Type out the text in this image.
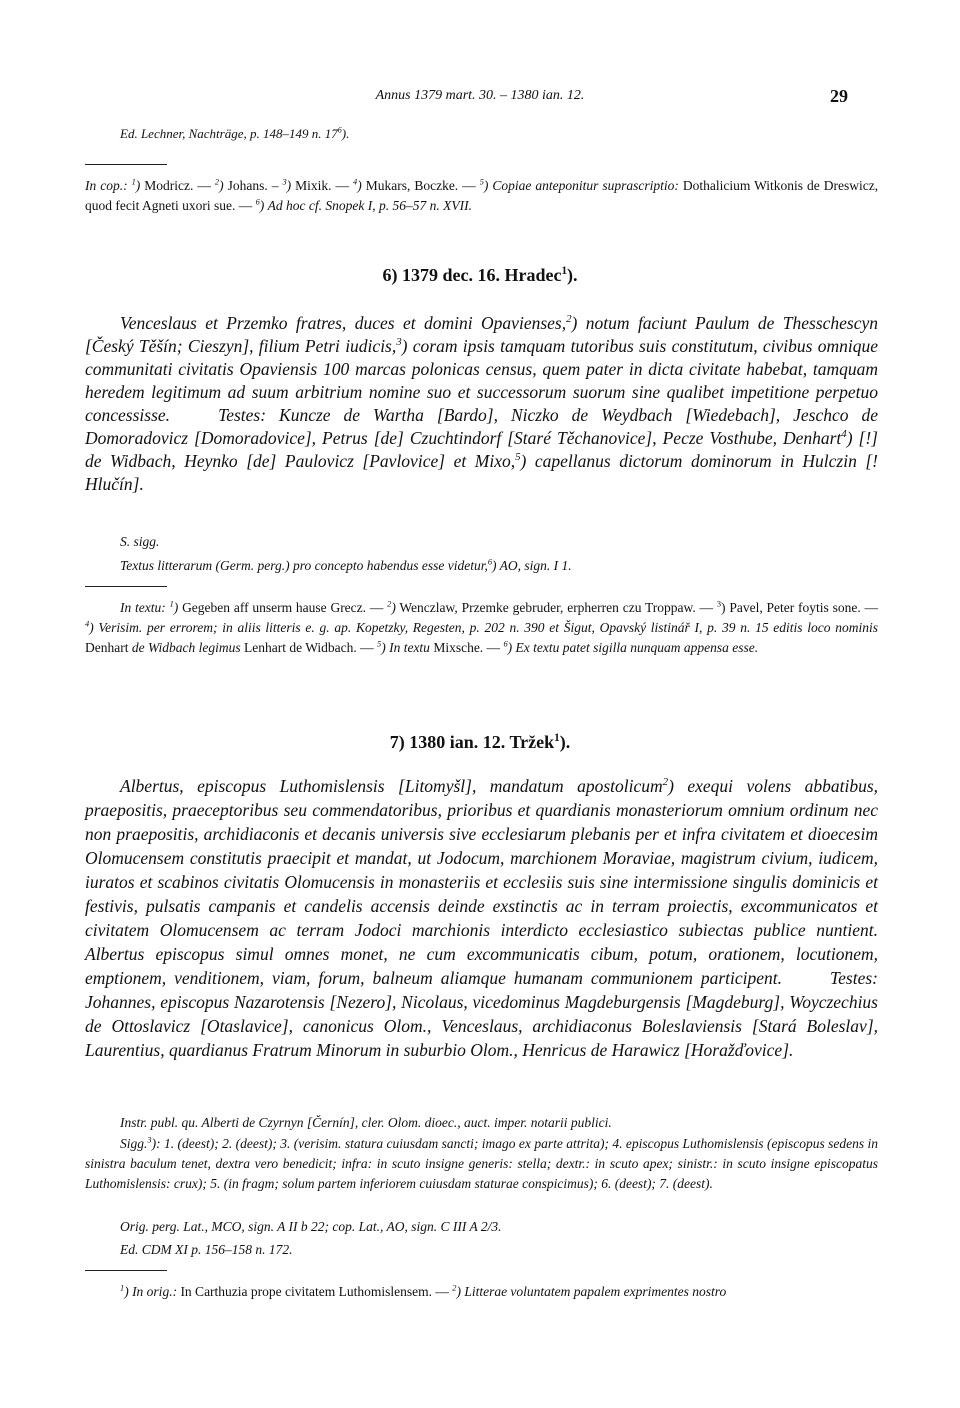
Annus 1379 mart. 30. – 1380 ian. 12.	29
Ed. Lechner, Nachträge, p. 148–149 n. $17^6$).
In cop.: $^1$) Modricz. — $^2$) Johans. – $^3$) Mixik. — $^4$) Mukars, Boczke. — $^5$) Copiae anteponitur suprascriptio: Dothalicium Witkonis de Dreswicz, quod fecit Agneti uxori sue. — $^6$) Ad hoc cf. Snopek I, p. 56–57 n. XVII.
6) 1379 dec. 16. Hradec$^1$).
Venceslaus et Przemko fratres, duces et domini Opavienses,$^2$) notum faciunt Paulum de Thesschescyn [Český Těšín; Cieszyn], filium Petri iudicis,$^3$) coram ipsis tamquam tutoribus suis constitutum, civibus omnique communitati civitatis Opaviensis 100 marcas polonicas census, quem pater in dicta civitate habebat, tamquam heredem legitimum ad suum arbitrium nomine suo et successorum suorum sine qualibet impetitione perpetuo concessisse.	Testes: Kuncze de Wartha [Bardo], Niczko de Weydbach [Wiedebach], Jeschco de Domoradovicz [Domoradovice], Petrus [de] Czuchtindorf [Staré Těchanovice], Pecze Vosthube, Denhart$^4$) [!] de Widbach, Heynko [de] Paulovicz [Pavlovice] et Mixo,$^5$) capellanus dictorum dominorum in Hulczin [! Hlučín].
S. sigg.
Textus litterarum (Germ. perg.) pro concepto habendus esse videtur,$^6$) AO, sign. I 1.
In textu: $^1$) Gegeben aff unserm hause Grecz. — $^2$) Wenczlaw, Przemke gebruder, erpherren czu Troppaw. — $^3$) Pavel, Peter foytis sone. — $^4$) Verisim. per errorem; in aliis litteris e. g. ap. Kopetzky, Regesten, p. 202 n. 390 et Šigut, Opavský listinář I, p. 39 n. 15 editis loco nominis Denhart de Widbach legimus Lenhart de Widbach. — $^5$) In textu Mixsche. — $^6$) Ex textu patet sigilla nunquam appensa esse.
7) 1380 ian. 12. Tržek$^1$).
Albertus, episcopus Luthomislensis [Litomyšl], mandatum apostolicum$^2$) exequi volens abbatibus, praepositis, praeceptoribus seu commendatoribus, prioribus et quardianis monasteriorum omnium ordinum nec non praepositis, archidiaconis et decanis universis sive ecclesiarum plebanis per et infra civitatem et dioecesim Olomucensem constitutis praecipit et mandat, ut Jodocum, marchionem Moraviae, magistrum civium, iudicem, iuratos et scabinos civitatis Olomucensis in monasteriis et ecclesiis suis sine intermissione singulis dominicis et festivis, pulsatis campanis et candelis accensis deinde exstinctis ac in terram proiectis, excommunicatos et civitatem Olomucensem ac terram Jodoci marchionis interdicto ecclesiastico subiectas publice nuntient. Albertus episcopus simul omnes monet, ne cum excommunicatis cibum, potum, orationem, locutionem, emptionem, venditionem, viam, forum, balneum aliamque humanam communionem participent.	Testes: Johannes, episcopus Nazarotensis [Nezero], Nicolaus, vicedominus Magdeburgensis [Magdeburg], Woyczechius de Ottoslavicz [Otaslavice], canonicus Olom., Venceslaus, archidiaconus Boleslaviensis [Stará Boleslav], Laurentius, quardianus Fratrum Minorum in suburbio Olom., Henricus de Harawicz [Horažďovice].
Instr. publ. qu. Alberti de Czyrnyn [Černín], cler. Olom. dioec., auct. imper. notarii publici.
Sigg.$^3$): 1. (deest); 2. (deest); 3. (verisim. statura cuiusdam sancti; imago ex parte attrita); 4. episcopus Luthomislensis (episcopus sedens in sinistra baculum tenet, dextra vero benedicit; infra: in scuto insigne generis: stella; dextr.: in scuto apex; sinistr.: in scuto insigne episcopatus Luthomislensis: crux); 5. (in fragm; solum partem inferiorem cuiusdam staturae conspicimus); 6. (deest); 7. (deest).
Orig. perg. Lat., MCO, sign. A II b 22; cop. Lat., AO, sign. C III A 2/3.
Ed. CDM XI p. 156–158 n. 172.
$^1$) In orig.: In Carthuzia prope civitatem Luthomislensem. — $^2$) Litterae voluntatem papalem exprimentes nostro
